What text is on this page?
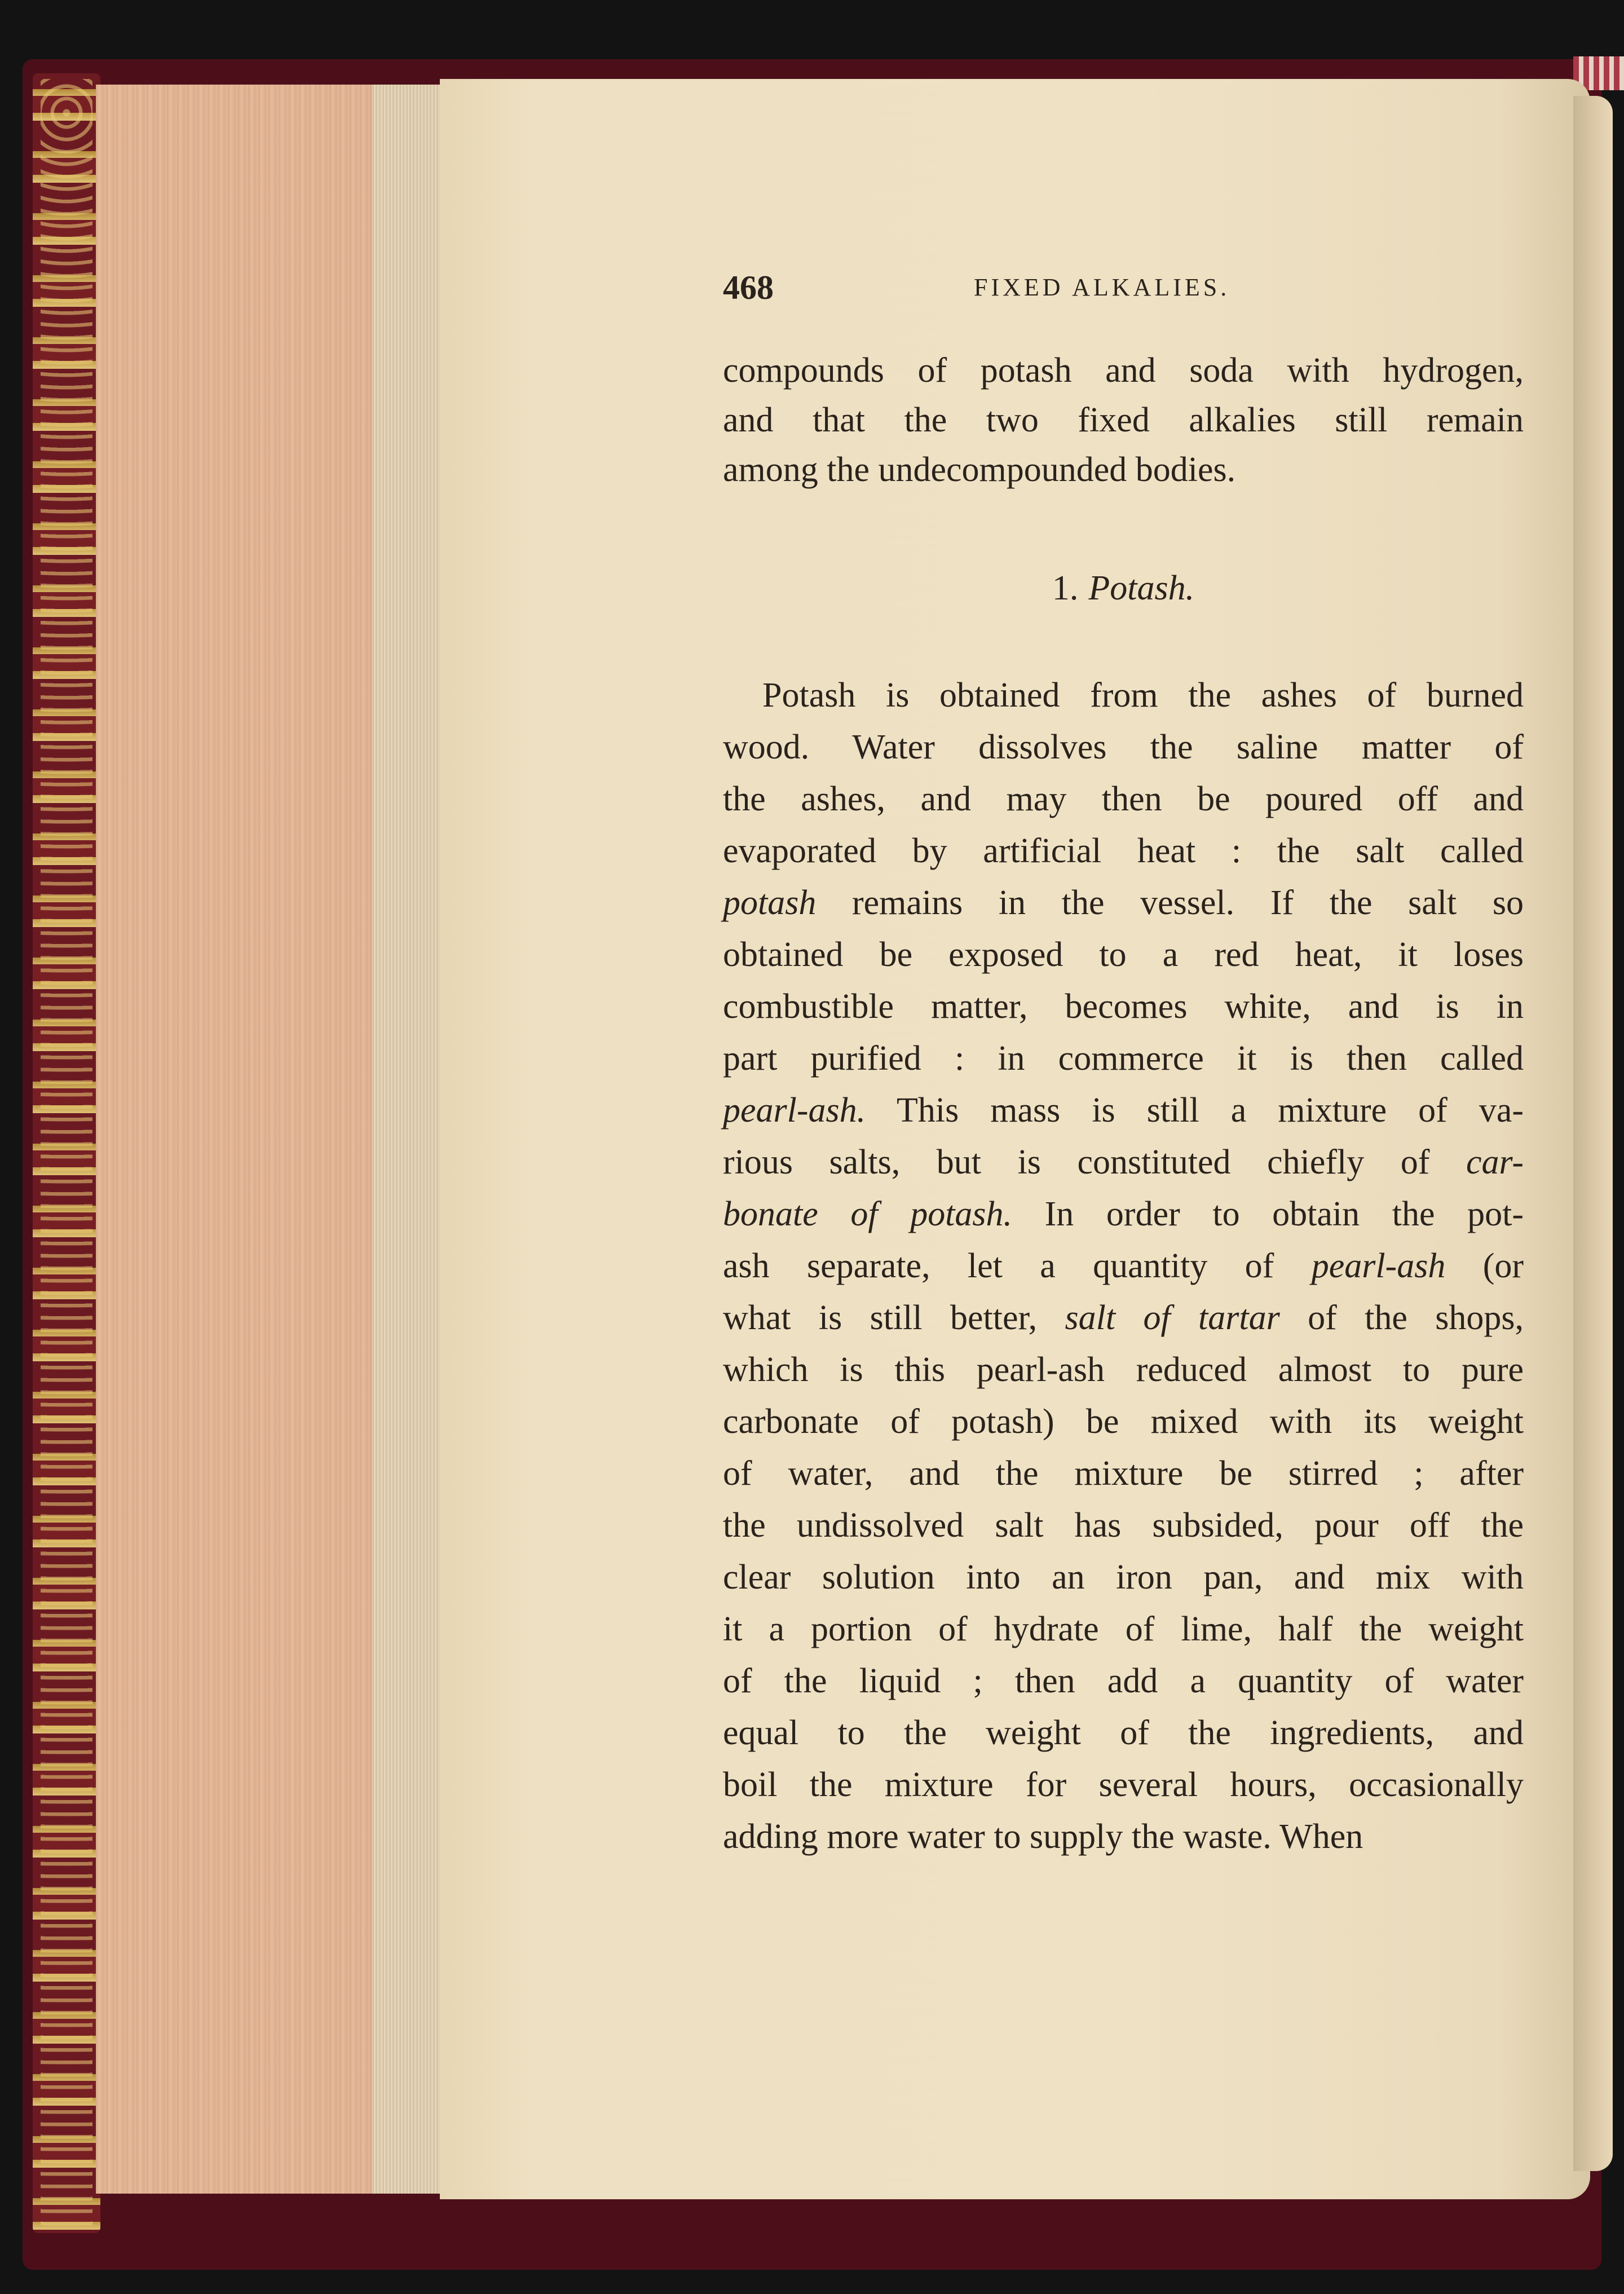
468	FIXED ALKALIES.
compounds of potash and soda with hydrogen,
and that the two fixed alkalies still remain
among the undecompounded bodies.
1. Potash.
Potash is obtained from the ashes of burned
wood. Water dissolves the saline matter of
the ashes, and may then be poured off and
evaporated by artificial heat : the salt called
potash remains in the vessel. If the salt so
obtained be exposed to a red heat, it loses
combustible matter, becomes white, and is in
part purified : in commerce it is then called
pearl-ash. This mass is still a mixture of va-
rious salts, but is constituted chiefly of car-
bonate of potash. In order to obtain the pot-
ash separate, let a quantity of pearl-ash (or
what is still better, salt of tartar of the shops,
which is this pearl-ash reduced almost to pure
carbonate of potash) be mixed with its weight
of water, and the mixture be stirred ; after
the undissolved salt has subsided, pour off the
clear solution into an iron pan, and mix with
it a portion of hydrate of lime, half the weight
of the liquid ; then add a quantity of water
equal to the weight of the ingredients, and
boil the mixture for several hours, occasionally
adding more water to supply the waste. When
